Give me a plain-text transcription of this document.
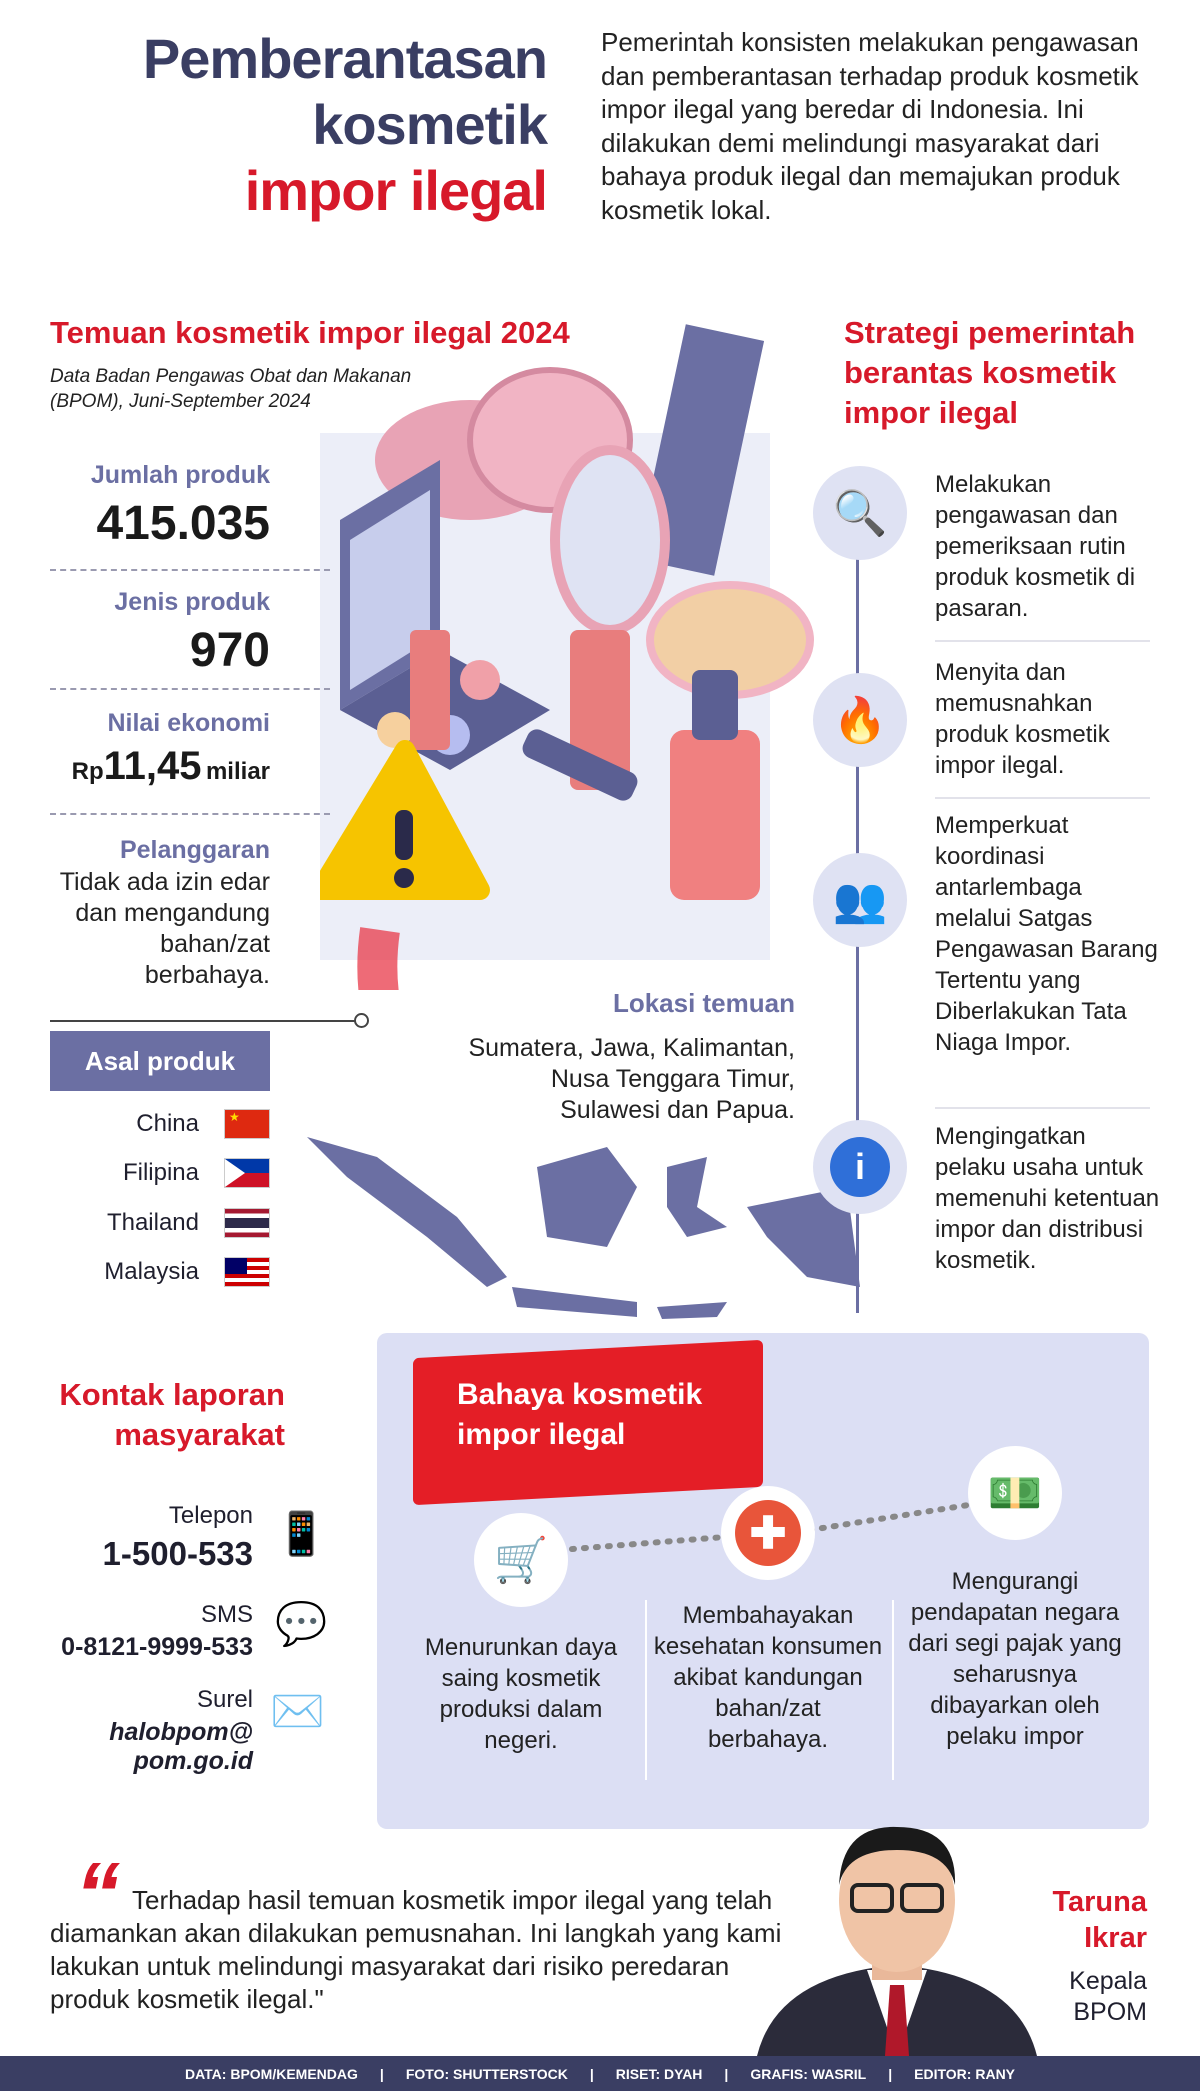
Pemberantasan
kosmetik
impor ilegal
Pemerintah konsisten melakukan pengawasan dan pemberantasan terhadap produk kosmetik impor ilegal yang beredar di Indonesia. Ini dilakukan demi melindungi masyarakat dari bahaya produk ilegal dan memajukan produk kosmetik lokal.
Temuan kosmetik impor ilegal 2024
Data Badan Pengawas Obat dan Makanan
(BPOM), Juni-September 2024
Jumlah produk
415.035
Jenis produk
970
Nilai ekonomi
Rp11,45 miliar
Pelanggaran
Tidak ada izin edar dan mengandung bahan/zat berbahaya.
Asal produk
China
Filipina
Thailand
Malaysia
★
Lokasi temuan
Sumatera, Jawa, Kalimantan, Nusa Tenggara Timur, Sulawesi dan Papua.
Strategi pemerintah berantas kosmetik impor ilegal
🔍
🔥
👥
i
Melakukan pengawasan dan pemeriksaan rutin produk kosmetik di pasaran.
Menyita dan memusnahkan produk kosmetik impor ilegal.
Memperkuat koordinasi antarlembaga melalui Satgas Pengawasan Barang Tertentu yang Diberlakukan Tata Niaga Impor.
Mengingatkan pelaku usaha untuk memenuhi ketentuan impor dan distribusi kosmetik.
Kontak laporan
masyarakat
Telepon
1-500-533 📱
SMS
0-8121-9999-533 💬
Surel
halobpom@
pom.go.id
✉️
Bahaya kosmetik
impor ilegal
🛒
✚
💵
Menurunkan daya saing kosmetik produksi dalam negeri.
Membahayakan kesehatan konsumen akibat kandungan bahan/zat berbahaya.
Mengurangi pendapatan negara dari segi pajak yang seharusnya dibayarkan oleh pelaku impor
“ Terhadap hasil temuan kosmetik impor ilegal yang telah diamankan akan dilakukan pemusnahan. Ini langkah yang kami lakukan untuk melindungi masyarakat dari risiko peredaran produk kosmetik ilegal."
Taruna
Ikrar
Kepala
BPOM
DATA: BPOM/KEMENDAG | FOTO: SHUTTERSTOCK | RISET: DYAH | GRAFIS: WASRIL | EDITOR: RANY
